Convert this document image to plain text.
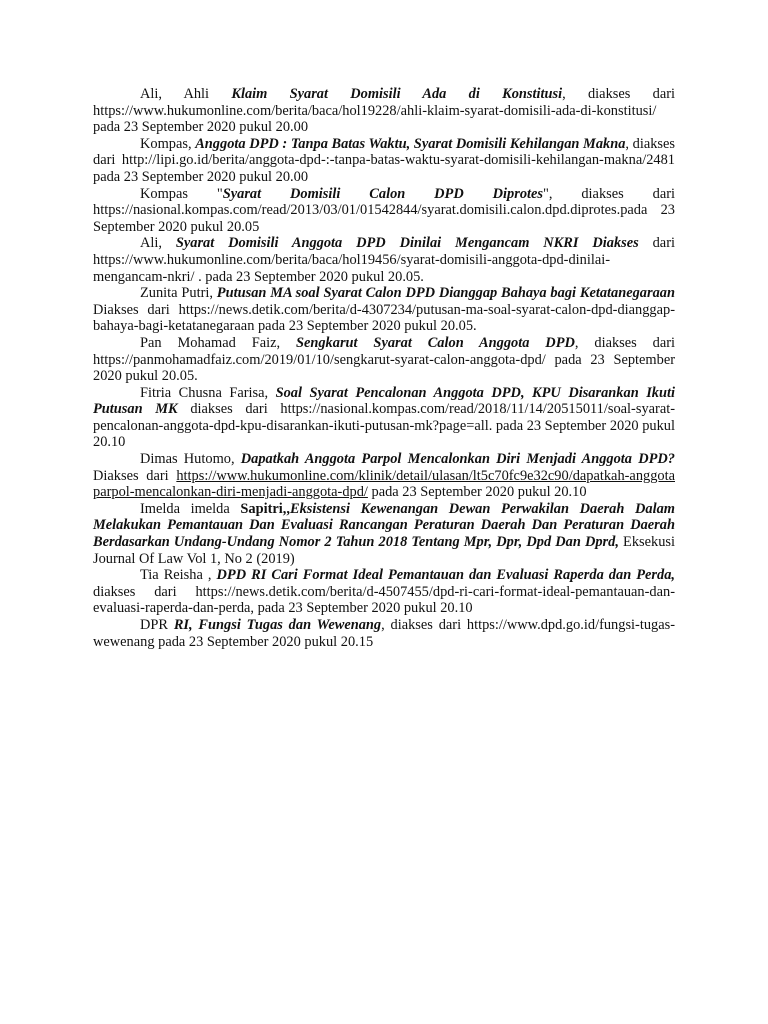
Ali, Ahli Klaim Syarat Domisili Ada di Konstitusi, diakses dari https://www.hukumonline.com/berita/baca/hol19228/ahli-klaim-syarat-domisili-ada-di-konstitusi/ pada 23 September 2020 pukul 20.00

Kompas, Anggota DPD : Tanpa Batas Waktu, Syarat Domisili Kehilangan Makna, diakses dari http://lipi.go.id/berita/anggota-dpd-:-tanpa-batas-waktu-syarat-domisili-kehilangan-makna/2481 pada 23 September 2020 pukul 20.00

Kompas "Syarat Domisili Calon DPD Diprotes", diakses dari https://nasional.kompas.com/read/2013/03/01/01542844/syarat.domisili.calon.dpd.diprotes.pada 23 September 2020 pukul 20.05

Ali, Syarat Domisili Anggota DPD Dinilai Mengancam NKRI Diakses dari https://www.hukumonline.com/berita/baca/hol19456/syarat-domisili-anggota-dpd-dinilai-mengancam-nkri/ . pada 23 September 2020 pukul 20.05.

Zunita Putri, Putusan MA soal Syarat Calon DPD Dianggap Bahaya bagi Ketatanegaraan Diakses dari https://news.detik.com/berita/d-4307234/putusan-ma-soal-syarat-calon-dpd-dianggap-bahaya-bagi-ketatanegaraan pada 23 September 2020 pukul 20.05.

Pan Mohamad Faiz, Sengkarut Syarat Calon Anggota DPD, diakses dari https://panmohamadfaiz.com/2019/01/10/sengkarut-syarat-calon-anggota-dpd/ pada 23 September 2020 pukul 20.05.

Fitria Chusna Farisa, Soal Syarat Pencalonan Anggota DPD, KPU Disarankan Ikuti Putusan MK diakses dari https://nasional.kompas.com/read/2018/11/14/20515011/soal-syarat-pencalonan-anggota-dpd-kpu-disarankan-ikuti-putusan-mk?page=all. pada 23 September 2020 pukul 20.10

Dimas Hutomo, Dapatkah Anggota Parpol Mencalonkan Diri Menjadi Anggota DPD? Diakses dari https://www.hukumonline.com/klinik/detail/ulasan/lt5c70fc9e32c90/dapatkah-anggota parpol-mencalonkan-diri-menjadi-anggota-dpd/ pada 23 September 2020 pukul 20.10

Imelda imelda Sapitri,,Eksistensi Kewenangan Dewan Perwakilan Daerah Dalam Melakukan Pemantauan Dan Evaluasi Rancangan Peraturan Daerah Dan Peraturan Daerah Berdasarkan Undang-Undang Nomor 2 Tahun 2018 Tentang Mpr, Dpr, Dpd Dan Dprd, Eksekusi Journal Of Law Vol 1, No 2 (2019)

Tia Reisha , DPD RI Cari Format Ideal Pemantauan dan Evaluasi Raperda dan Perda, diakses dari https://news.detik.com/berita/d-4507455/dpd-ri-cari-format-ideal-pemantauan-dan-evaluasi-raperda-dan-perda, pada 23 September 2020 pukul 20.10

DPR RI, Fungsi Tugas dan Wewenang, diakses dari https://www.dpd.go.id/fungsi-tugas-wewenang pada 23 September 2020 pukul 20.15
